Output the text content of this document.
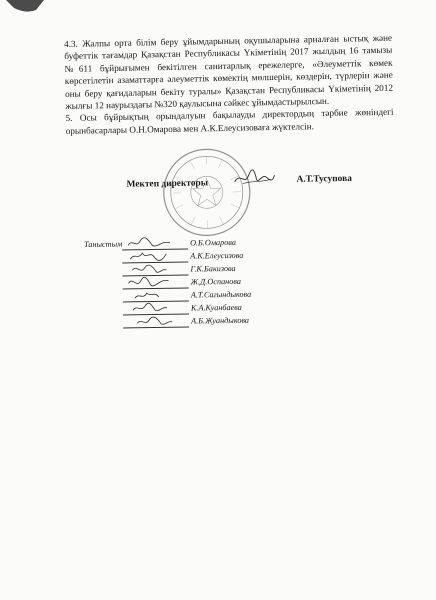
4.3. Жалпы орта білім беру ұйымдарының оқушыларына арналған ыстық және буфеттік тағамдар Қазақстан Республикасы Үкіметінің 2017 жылдың 16 тамызы №611 бұйрығымен бекітілген санитарлық ережелерге, «Әлеуметтік көмек көрсетілетін азаматтарға әлеуметтік көмектің мөлшерін, көздерін, түрлерін және оны беру қағидаларын бекіту туралы» Қазақстан Республикасы Үкіметінің 2012 жылғы 12 наурыздағы №320 қаулысына сәйкес ұйымдастырылсын.

5. Осы бұйрықтың орындалуын бақылауды директордың тәрбие жөніндегі орынбасарлары О.Н.Омарова мен А.К.Елеусизоваға жүктелсін.

Мектеп директоры	А.Т.Тусупова
Таныстым	О.Б.Омарова
А.К.Елеусизова
Г.К.Бакизова
Ж.Д.Оспанова
А.Т.Сагындыкова
К.А.Куанбаева
А.Б.Жуандыкова
